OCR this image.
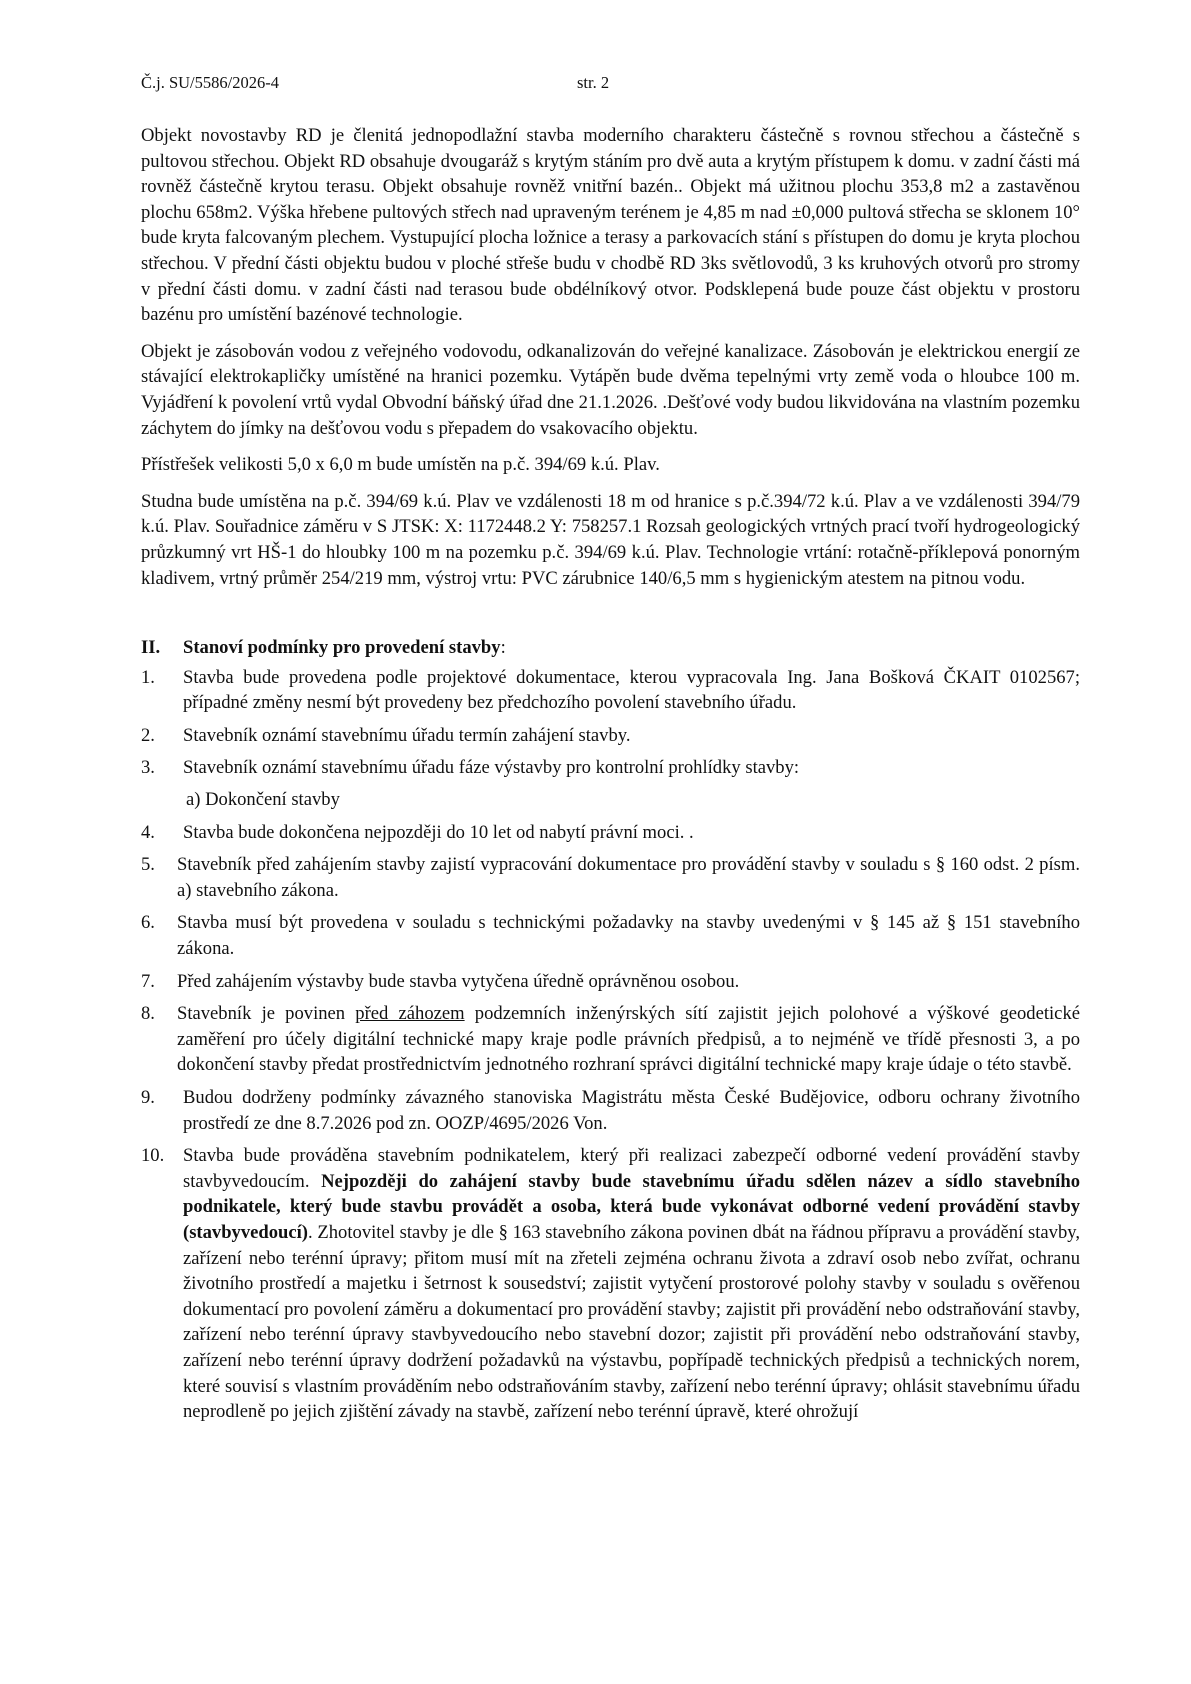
Č.j. SU/5586/2026-4	str. 2

Objekt novostavby RD je členitá jednopodlažní stavba moderního charakteru částečně s rovnou střechou a částečně s pultovou střechou. Objekt RD obsahuje dvougaráž s krytým stáním pro dvě auta a krytým přístupem k domu. v zadní části má rovněž částečně krytou terasu. Objekt obsahuje rovněž vnitřní bazén.. Objekt má užitnou plochu 353,8 m2 a zastavěnou plochu 658m2. Výška hřebene pultových střech nad upraveným terénem je 4,85 m nad ±0,000 pultová střecha se sklonem 10° bude kryta falcovaným plechem. Vystupující plocha ložnice a terasy a parkovacích stání s přístupen do domu je kryta plochou střechou. V přední části objektu budou v ploché střeše budu v chodbě RD 3ks světlovodů, 3 ks kruhových otvorů pro stromy v přední části domu. v zadní části nad terasou bude obdélníkový otvor. Podsklepená bude pouze část objektu v prostoru bazénu pro umístění bazénové technologie.

Objekt je zásobován vodou z veřejného vodovodu, odkanalizován do veřejné kanalizace. Zásobován je elektrickou energií ze stávající elektrokapličky umístěné na hranici pozemku. Vytápěn bude dvěma tepelnými vrty země voda o hloubce 100 m. Vyjádření k povolení vrtů vydal Obvodní báňský úřad dne 21.1.2026. .Dešťové vody budou likvidována na vlastním pozemku záchytem do jímky na dešťovou vodu s přepadem do vsakovacího objektu.

Přístřešek velikosti 5,0 x 6,0 m bude umístěn na p.č. 394/69 k.ú. Plav.

Studna bude umístěna na p.č. 394/69 k.ú. Plav ve vzdálenosti 18 m od hranice s p.č.394/72 k.ú. Plav a ve vzdálenosti 394/79 k.ú. Plav. Souřadnice záměru v S JTSK: X: 1172448.2 Y: 758257.1 Rozsah geologických vrtných prací tvoří hydrogeologický průzkumný vrt HŠ-1 do hloubky 100 m na pozemku p.č. 394/69 k.ú. Plav. Technologie vrtání: rotačně-příklepová ponorným kladivem, vrtný průměr 254/219 mm, výstroj vrtu: PVC zárubnice 140/6,5 mm s hygienickým atestem na pitnou vodu.

II.	Stanoví podmínky pro provedení stavby:
1.	Stavba bude provedena podle projektové dokumentace, kterou vypracovala Ing. Jana Bošková ČKAIT 0102567; případné změny nesmí být provedeny bez předchozího povolení stavebního úřadu.
2.	Stavebník oznámí stavebnímu úřadu termín zahájení stavby.
3.	Stavebník oznámí stavebnímu úřadu fáze výstavby pro kontrolní prohlídky stavby:
a) Dokončení stavby
4.	Stavba bude dokončena nejpozději do 10 let od nabytí právní moci. .
5.	Stavebník před zahájením stavby zajistí vypracování dokumentace pro provádění stavby v souladu s § 160 odst. 2 písm. a) stavebního zákona.
6.	Stavba musí být provedena v souladu s technickými požadavky na stavby uvedenými v § 145 až § 151 stavebního zákona.
7.	Před zahájením výstavby bude stavba vytyčena úředně oprávněnou osobou.
8.	Stavebník je povinen před záhozem podzemních inženýrských sítí zajistit jejich polohové a výškové geodetické zaměření pro účely digitální technické mapy kraje podle právních předpisů, a to nejméně ve třídě přesnosti 3, a po dokončení stavby předat prostřednictvím jednotného rozhraní správci digitální technické mapy kraje údaje o této stavbě.
9.	Budou dodrženy podmínky závazného stanoviska Magistrátu města České Budějovice, odboru ochrany životního prostředí ze dne 8.7.2026 pod zn. OOZP/4695/2026 Von.
10.	Stavba bude prováděna stavebním podnikatelem, který při realizaci zabezpečí odborné vedení provádění stavby stavbyvedoucím. Nejpozději do zahájení stavby bude stavebnímu úřadu sdělen název a sídlo stavebního podnikatele, který bude stavbu provádět a osoba, která bude vykonávat odborné vedení provádění stavby (stavbyvedoucí). Zhotovitel stavby je dle § 163 stavebního zákona povinen dbát na řádnou přípravu a provádění stavby, zařízení nebo terénní úpravy; přitom musí mít na zřeteli zejména ochranu života a zdraví osob nebo zvířat, ochranu životního prostředí a majetku i šetrnost k sousedství; zajistit vytyčení prostorové polohy stavby v souladu s ověřenou dokumentací pro povolení záměru a dokumentací pro provádění stavby; zajistit při provádění nebo odstraňování stavby, zařízení nebo terénní úpravy stavbyvedoucího nebo stavební dozor; zajistit při provádění nebo odstraňování stavby, zařízení nebo terénní úpravy dodržení požadavků na výstavbu, popřípadě technických předpisů a technických norem, které souvisí s vlastním prováděním nebo odstraňováním stavby, zařízení nebo terénní úpravy; ohlásit stavebnímu úřadu neprodleně po jejich zjištění závady na stavbě, zařízení nebo terénní úpravě, které ohrožují
